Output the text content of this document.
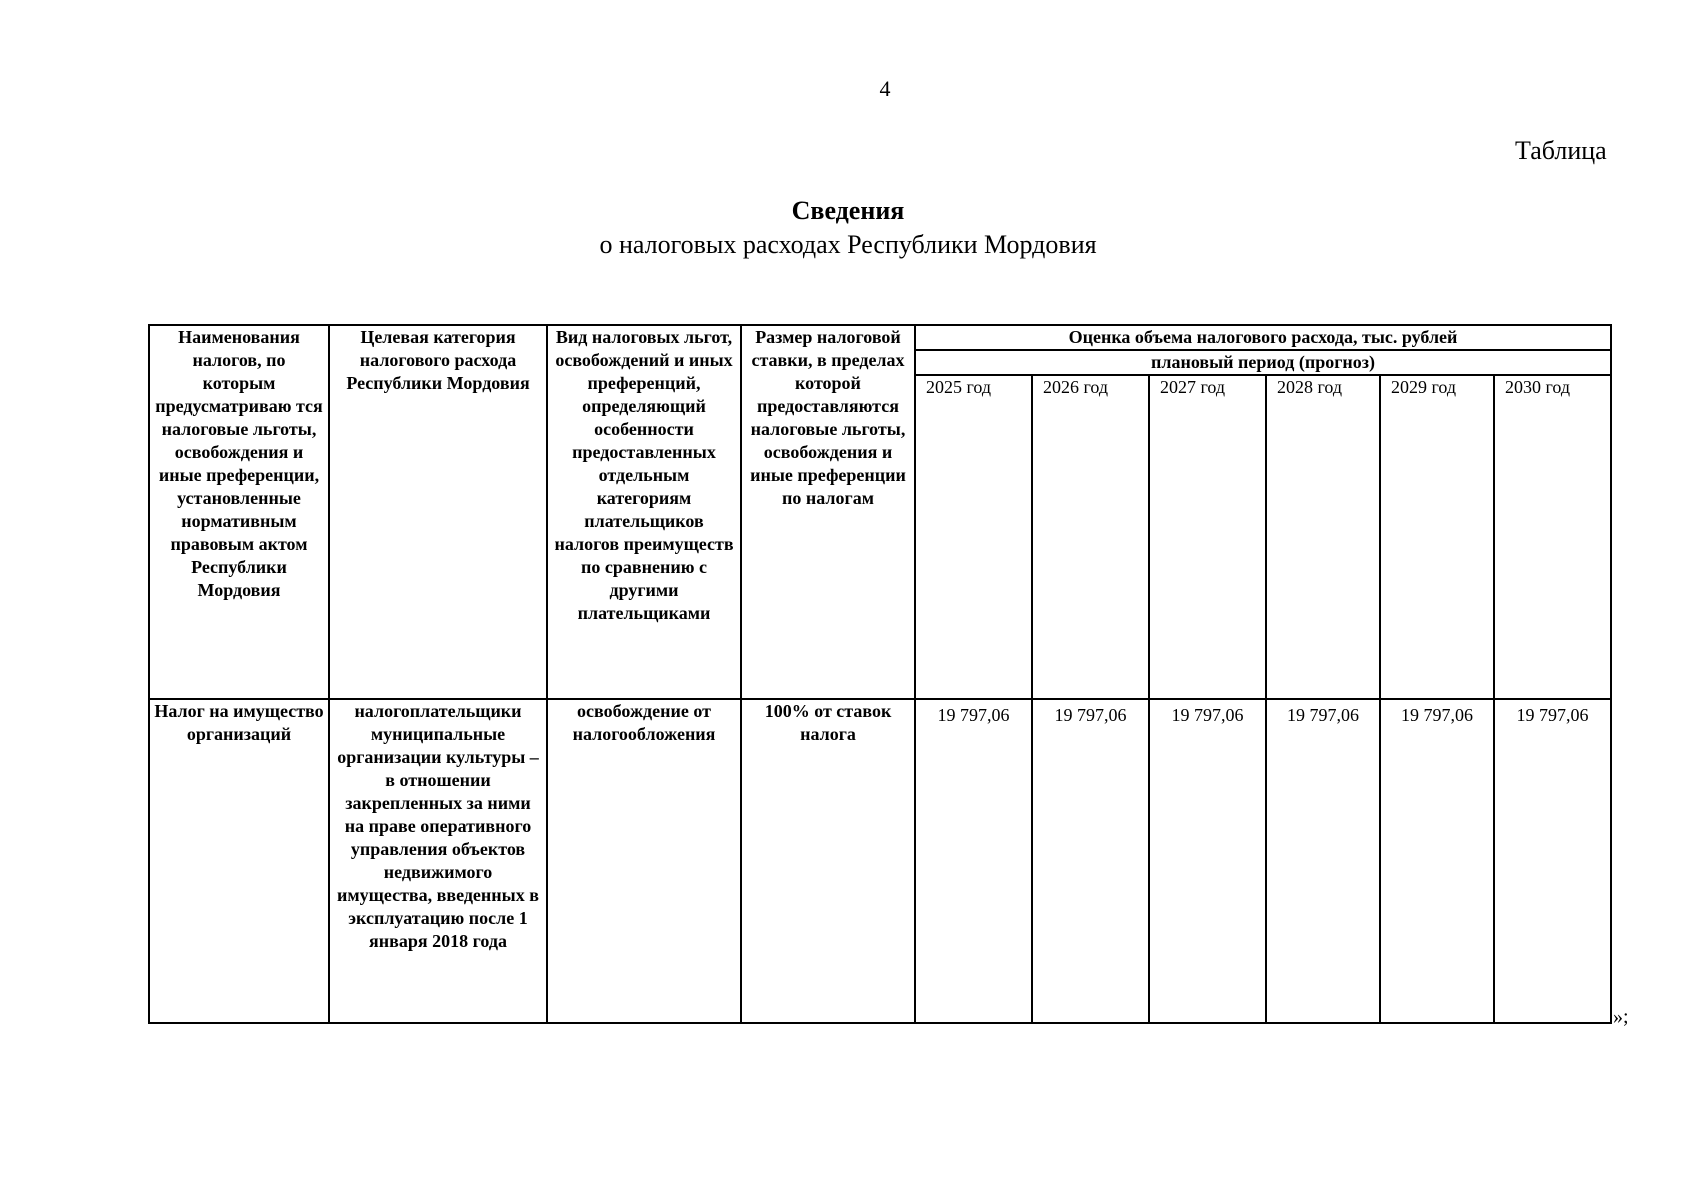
4
Таблица
Сведения
о налоговых расходах Республики Мордовия
Наименования налогов, по которым предусматриваю тся налоговые льготы, освобождения и иные преференции, установленные нормативным правовым актом Республики Мордовия	Целевая категория налогового расхода Республики Мордовия	Вид налоговых льгот, освобождений и иных преференций, определяющий особенности предоставленных отдельным категориям плательщиков налогов преимуществ по сравнению с другими плательщиками	Размер налоговой ставки, в пределах которой предоставляются налоговые льготы, освобождения и иные преференции по налогам	Оценка объема налогового расхода, тыс. рублей					
				плановый период (прогноз)					
				2025 год	2026 год	2027 год	2028 год	2029 год	2030 год
Налог на имущество организаций	налогоплательщики муниципальные организации культуры – в отношении закрепленных за ними на праве оперативного управления объектов недвижимого имущества, введенных в эксплуатацию после 1 января 2018 года	освобождение от налогообложения	100% от ставок налога	19 797,06	19 797,06	19 797,06	19 797,06	19 797,06	19 797,06
»;
